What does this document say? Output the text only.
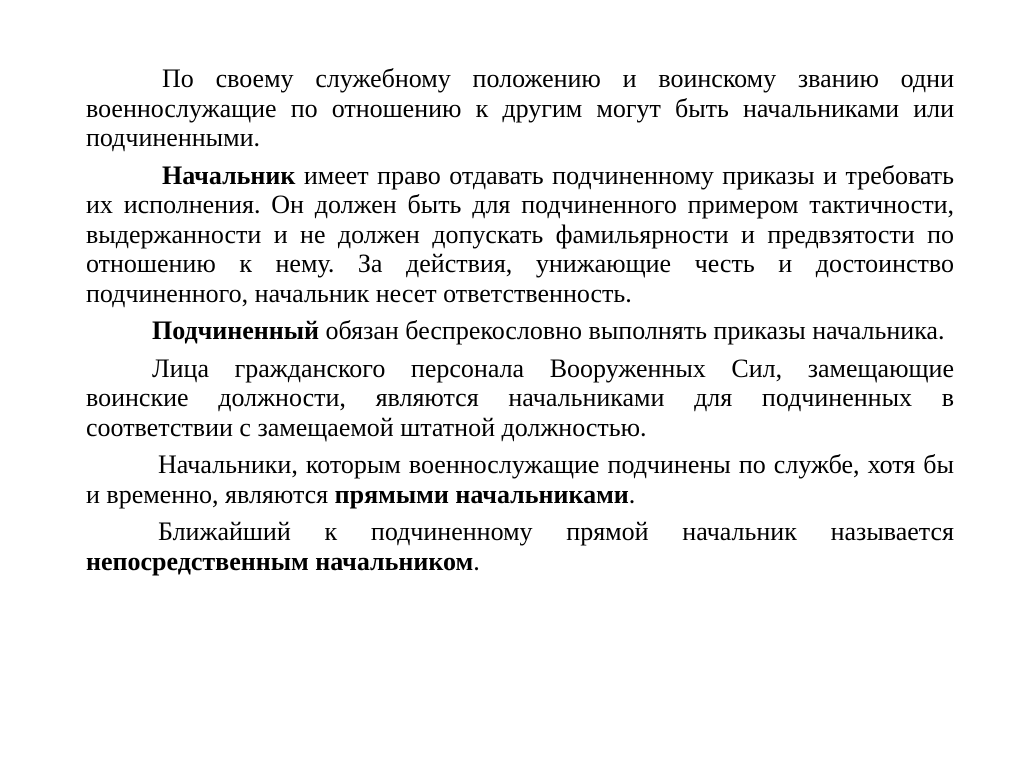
По своему служебному положению и воинскому званию одни военнослужащие по отношению к другим могут быть начальниками или подчиненными.

Начальник имеет право отдавать подчиненному приказы и требовать их исполнения. Он должен быть для подчиненного примером тактичности, выдержанности и не должен допускать фамильярности и предвзятости по отношению к нему. За действия, унижающие честь и достоинство подчиненного, начальник несет ответственность.

Подчиненный обязан беспрекословно выполнять приказы начальника.

Лица гражданского персонала Вооруженных Сил, замещающие воинские должности, являются начальниками для подчиненных в соответствии с замещаемой штатной должностью.

Начальники, которым военнослужащие подчинены по службе, хотя бы и временно, являются прямыми начальниками.

Ближайший к подчиненному прямой начальник называется непосредственным начальником.
